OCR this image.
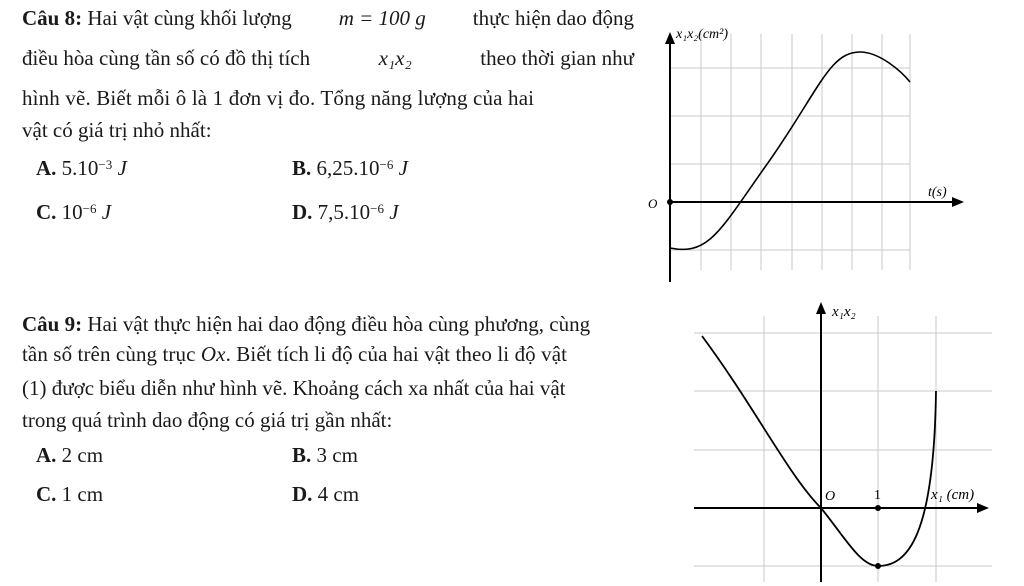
Câu 8: Hai vật cùng khối lượng m = 100 g thực hiện dao động
điều hòa cùng tần số có đồ thị tích	x₁x₂	theo thời gian như
hình vẽ. Biết mỗi ô là 1 đơn vị đo. Tổng năng lượng của hai
vật có giá trị nhỏ nhất:
A. $5.10^{-3}$ J	B. $6,25.10^{-6}$ J
C. $10^{-6}$ J	D. $7,5.10^{-6}$ J
x₁x₂(cm²)
t(s)
O
Câu 9: Hai vật thực hiện hai dao động điều hòa cùng phương, cùng
tần số trên cùng trục Ox. Biết tích li độ của hai vật theo li độ vật
(1) được biểu diễn như hình vẽ. Khoảng cách xa nhất của hai vật
trong quá trình dao động có giá trị gần nhất:
A. 2 cm	B. 3 cm
C. 1 cm	D. 4 cm
x₁x₂
x₁ (cm)
O	1
